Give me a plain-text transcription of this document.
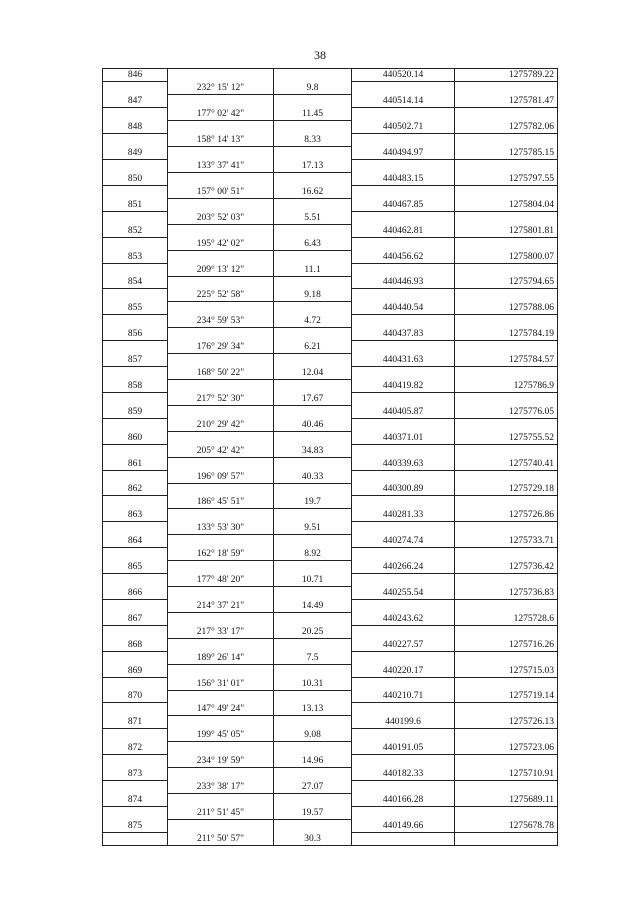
38
846			440520.14	1275789.22
	232° 15' 12"	9.8		
847			440514.14	1275781.47
	177° 02' 42"	11.45		
848			440502.71	1275782.06
	158° 14' 13"	8.33		
849			440494.97	1275785.15
	133° 37' 41"	17.13		
850			440483.15	1275797.55
	157° 00' 51"	16.62		
851			440467.85	1275804.04
	203° 52' 03"	5.51		
852			440462.81	1275801.81
	195° 42' 02"	6.43		
853			440456.62	1275800.07
	209° 13' 12"	11.1		
854			440446.93	1275794.65
	225° 52' 58"	9.18		
855			440440.54	1275788.06
	234° 59' 53"	4.72		
856			440437.83	1275784.19
	176° 29' 34"	6.21		
857			440431.63	1275784.57
	168° 50' 22"	12.04		
858			440419.82	1275786.9
	217° 52' 30"	17.67		
859			440405.87	1275776.05
	210° 29' 42"	40.46		
860			440371.01	1275755.52
	205° 42' 42"	34.83		
861			440339.63	1275740.41
	196° 09' 57"	40.33		
862			440300.89	1275729.18
	186° 45' 51"	19.7		
863			440281.33	1275726.86
	133° 53' 30"	9.51		
864			440274.74	1275733.71
	162° 18' 59"	8.92		
865			440266.24	1275736.42
	177° 48' 20"	10.71		
866			440255.54	1275736.83
	214° 37' 21"	14.49		
867			440243.62	1275728.6
	217° 33' 17"	20.25		
868			440227.57	1275716.26
	189° 26' 14"	7.5		
869			440220.17	1275715.03
	156° 31' 01"	10.31		
870			440210.71	1275719.14
	147° 49' 24"	13.13		
871			440199.6	1275726.13
	199° 45' 05"	9.08		
872			440191.05	1275723.06
	234° 19' 59"	14.96		
873			440182.33	1275710.91
	233° 38' 17"	27.07		
874			440166.28	1275689.11
	211° 51' 45"	19.57		
875			440149.66	1275678.78
	211° 50' 57"	30.3		
